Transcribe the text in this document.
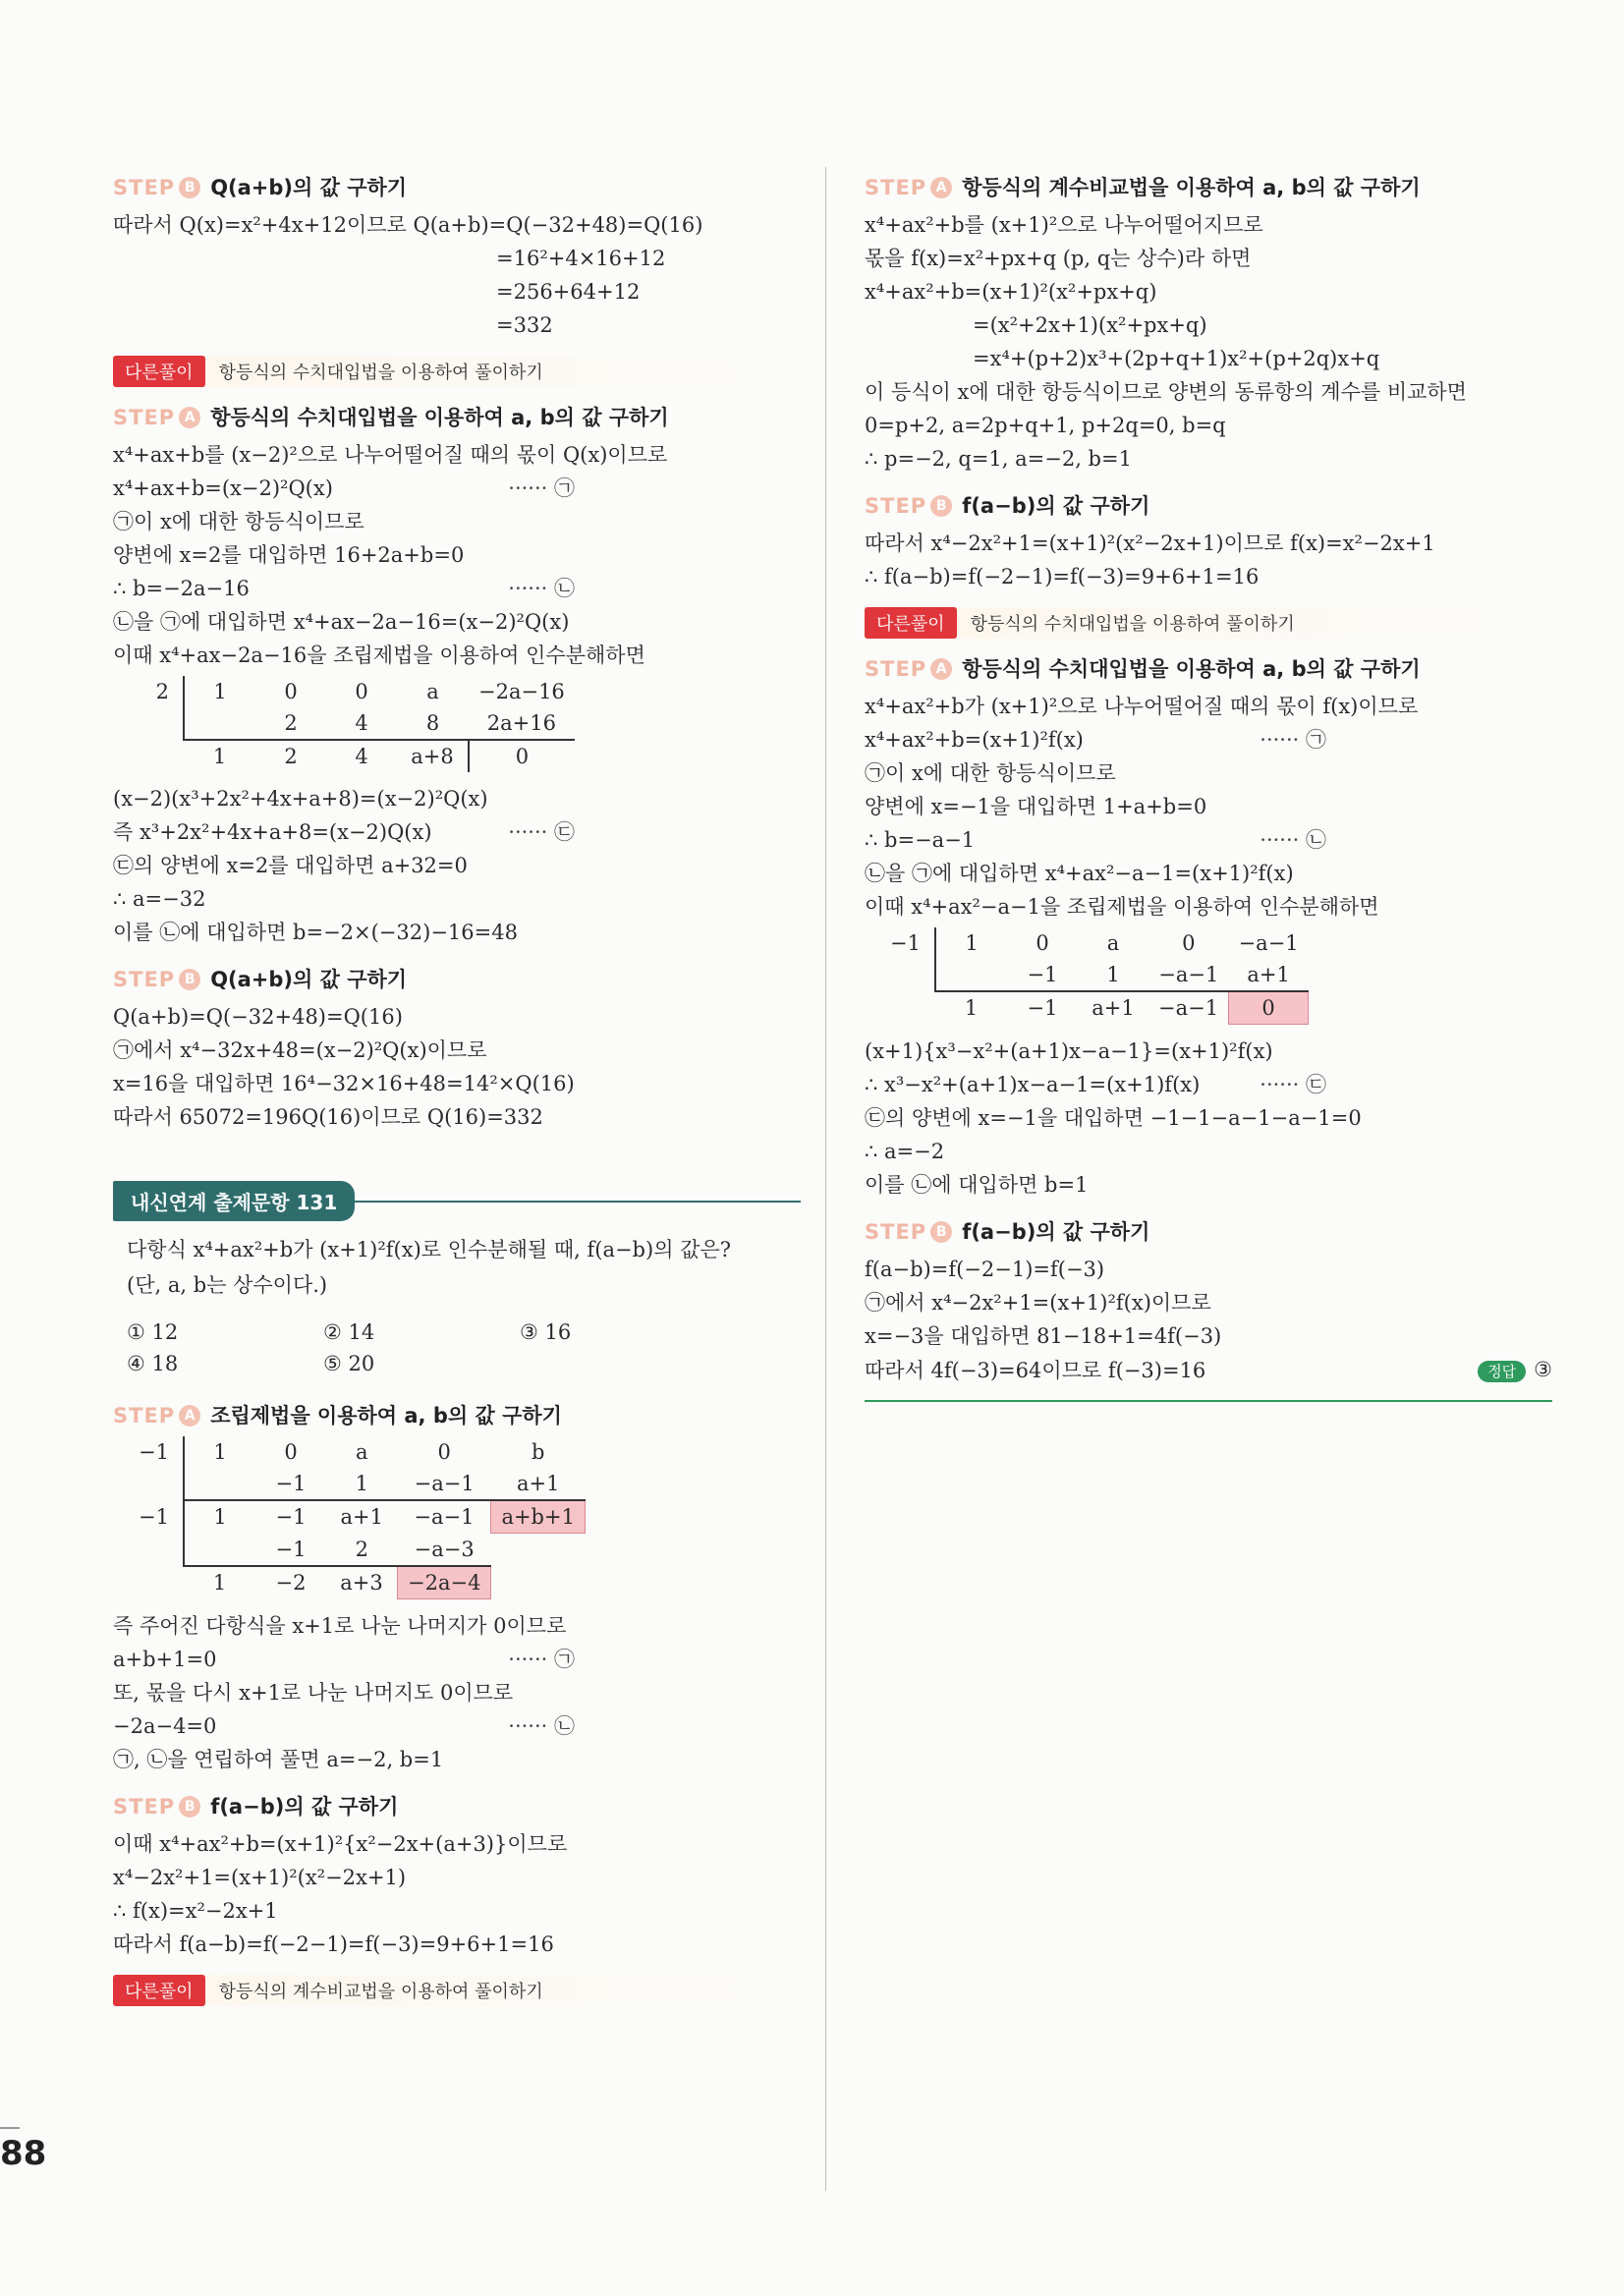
88
STEP B Q(a+b)의 값 구하기
따라서 Q(x)=x²+4x+12이므로 Q(a+b)=Q(−32+48)=Q(16)
=16²+4×16+12
=256+64+12
=332
다른풀이	항등식의 수치대입법을 이용하여 풀이하기
STEP A 항등식의 수치대입법을 이용하여 a, b의 값 구하기
x⁴+ax+b를 (x−2)²으로 나누어떨어질 때의 몫이 Q(x)이므로
x⁴+ax+b=(x−2)²Q(x)	······ ㉠
㉠이 x에 대한 항등식이므로
양변에 x=2를 대입하면 16+2a+b=0
∴ b=−2a−16	······ ㉡
㉡을 ㉠에 대입하면 x⁴+ax−2a−16=(x−2)²Q(x)
이때 x⁴+ax−2a−16을 조립제법을 이용하여 인수분해하면
2	1	0	0	a	−2a−16
		2	4	8	2a+16
	1	2	4	a+8	0
(x−2)(x³+2x²+4x+a+8)=(x−2)²Q(x)
즉 x³+2x²+4x+a+8=(x−2)Q(x)	······ ㉢
㉢의 양변에 x=2를 대입하면 a+32=0
∴ a=−32
이를 ㉡에 대입하면 b=−2×(−32)−16=48
STEP B Q(a+b)의 값 구하기
Q(a+b)=Q(−32+48)=Q(16)
㉠에서 x⁴−32x+48=(x−2)²Q(x)이므로
x=16을 대입하면 16⁴−32×16+48=14²×Q(16)
따라서 65072=196Q(16)이므로 Q(16)=332
내신연계 출제문항 131
다항식 x⁴+ax²+b가 (x+1)²f(x)로 인수분해될 때, f(a−b)의 값은?
(단, a, b는 상수이다.)
① 12	② 14	③ 16
④ 18	⑤ 20
STEP A 조립제법을 이용하여 a, b의 값 구하기
−1	1	0	a	0	b
		−1	1	−a−1	a+1
−1	1	−1	a+1	−a−1	a+b+1
		−1	2	−a−3	
	1	−2	a+3	−2a−4	
즉 주어진 다항식을 x+1로 나눈 나머지가 0이므로
a+b+1=0	······ ㉠
또, 몫을 다시 x+1로 나눈 나머지도 0이므로
−2a−4=0	······ ㉡
㉠, ㉡을 연립하여 풀면 a=−2, b=1
STEP B f(a−b)의 값 구하기
이때 x⁴+ax²+b=(x+1)²{x²−2x+(a+3)}이므로
x⁴−2x²+1=(x+1)²(x²−2x+1)
∴ f(x)=x²−2x+1
따라서 f(a−b)=f(−2−1)=f(−3)=9+6+1=16
다른풀이	항등식의 계수비교법을 이용하여 풀이하기
STEP A 항등식의 계수비교법을 이용하여 a, b의 값 구하기
x⁴+ax²+b를 (x+1)²으로 나누어떨어지므로
몫을 f(x)=x²+px+q (p, q는 상수)라 하면
x⁴+ax²+b=(x+1)²(x²+px+q)
=(x²+2x+1)(x²+px+q)
=x⁴+(p+2)x³+(2p+q+1)x²+(p+2q)x+q
이 등식이 x에 대한 항등식이므로 양변의 동류항의 계수를 비교하면
0=p+2, a=2p+q+1, p+2q=0, b=q
∴ p=−2, q=1, a=−2, b=1
STEP B f(a−b)의 값 구하기
따라서 x⁴−2x²+1=(x+1)²(x²−2x+1)이므로 f(x)=x²−2x+1
∴ f(a−b)=f(−2−1)=f(−3)=9+6+1=16
다른풀이	항등식의 수치대입법을 이용하여 풀이하기
STEP A 항등식의 수치대입법을 이용하여 a, b의 값 구하기
x⁴+ax²+b가 (x+1)²으로 나누어떨어질 때의 몫이 f(x)이므로
x⁴+ax²+b=(x+1)²f(x)	······ ㉠
㉠이 x에 대한 항등식이므로
양변에 x=−1을 대입하면 1+a+b=0
∴ b=−a−1	······ ㉡
㉡을 ㉠에 대입하면 x⁴+ax²−a−1=(x+1)²f(x)
이때 x⁴+ax²−a−1을 조립제법을 이용하여 인수분해하면
−1	1	0	a	0	−a−1
		−1	1	−a−1	a+1
	1	−1	a+1	−a−1	0
(x+1){x³−x²+(a+1)x−a−1}=(x+1)²f(x)
∴ x³−x²+(a+1)x−a−1=(x+1)f(x)	······ ㉢
㉢의 양변에 x=−1을 대입하면 −1−1−a−1−a−1=0
∴ a=−2
이를 ㉡에 대입하면 b=1
STEP B f(a−b)의 값 구하기
f(a−b)=f(−2−1)=f(−3)
㉠에서 x⁴−2x²+1=(x+1)²f(x)이므로
x=−3을 대입하면 81−18+1=4f(−3)
따라서 4f(−3)=64이므로 f(−3)=16	정답 ③
